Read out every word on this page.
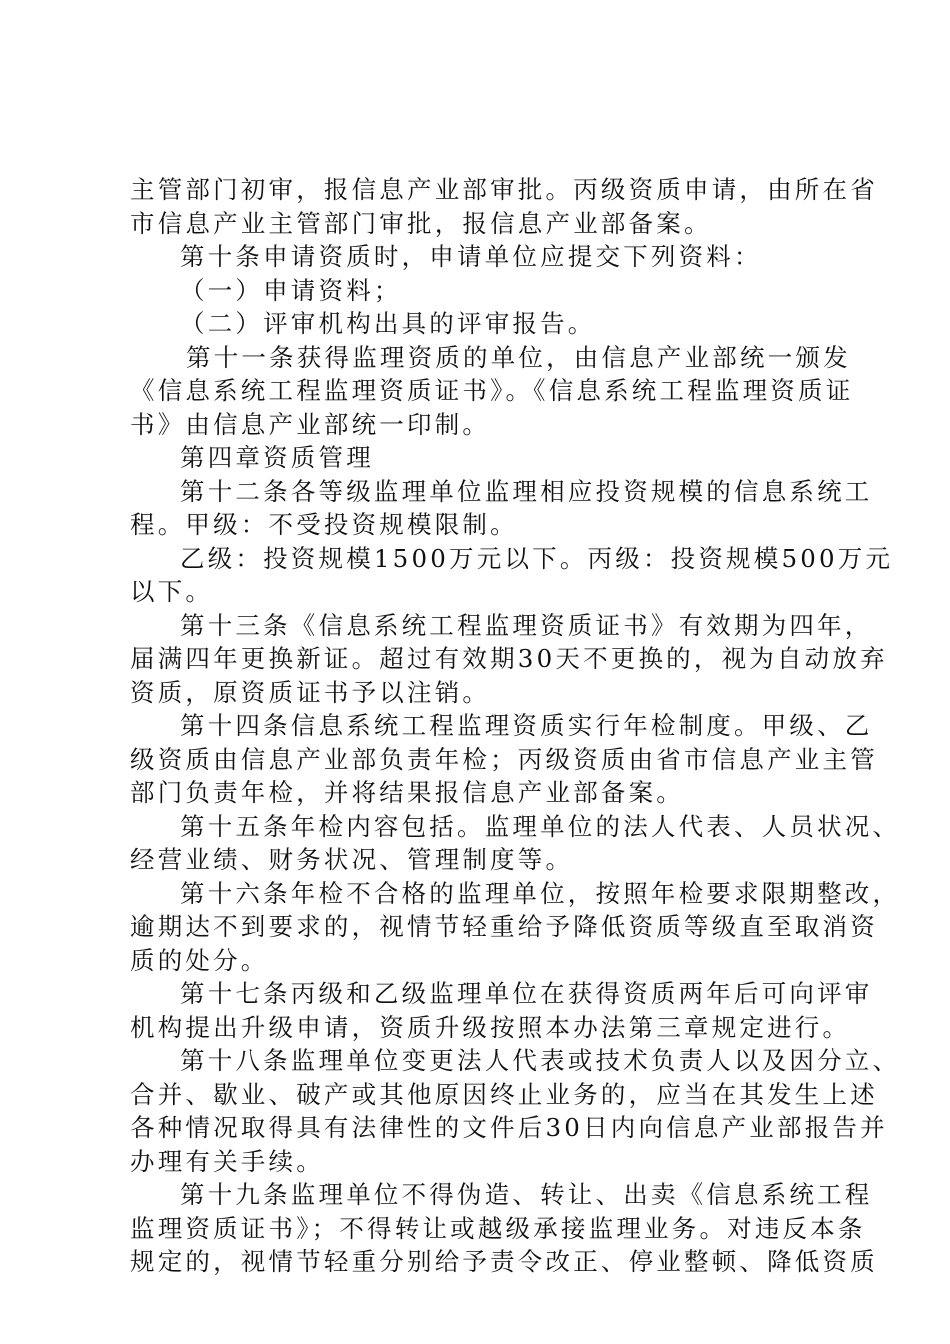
主管部门初审，报信息产业部审批。丙级资质申请，由所在省
市信息产业主管部门审批，报信息产业部备案。
第十条申请资质时，申请单位应提交下列资料：
（一）申请资料；
（二）评审机构出具的评审报告。
第十一条获得监理资质的单位，由信息产业部统一颁发
《信息系统工程监理资质证书》。《信息系统工程监理资质证
书》由信息产业部统一印制。
第四章资质管理
第十二条各等级监理单位监理相应投资规模的信息系统工
程。甲级：不受投资规模限制。
乙级：投资规模1500万元以下。丙级：投资规模500万元
以下。
第十三条《信息系统工程监理资质证书》有效期为四年，
届满四年更换新证。超过有效期30天不更换的，视为自动放弃
资质，原资质证书予以注销。
第十四条信息系统工程监理资质实行年检制度。甲级、乙
级资质由信息产业部负责年检；丙级资质由省市信息产业主管
部门负责年检，并将结果报信息产业部备案。
第十五条年检内容包括。监理单位的法人代表、人员状况、
经营业绩、财务状况、管理制度等。
第十六条年检不合格的监理单位，按照年检要求限期整改，
逾期达不到要求的，视情节轻重给予降低资质等级直至取消资
质的处分。
第十七条丙级和乙级监理单位在获得资质两年后可向评审
机构提出升级申请，资质升级按照本办法第三章规定进行。
第十八条监理单位变更法人代表或技术负责人以及因分立、
合并、歇业、破产或其他原因终止业务的，应当在其发生上述
各种情况取得具有法律性的文件后30日内向信息产业部报告并
办理有关手续。
第十九条监理单位不得伪造、转让、出卖《信息系统工程
监理资质证书》；不得转让或越级承接监理业务。对违反本条
规定的，视情节轻重分别给予责令改正、停业整顿、降低资质
